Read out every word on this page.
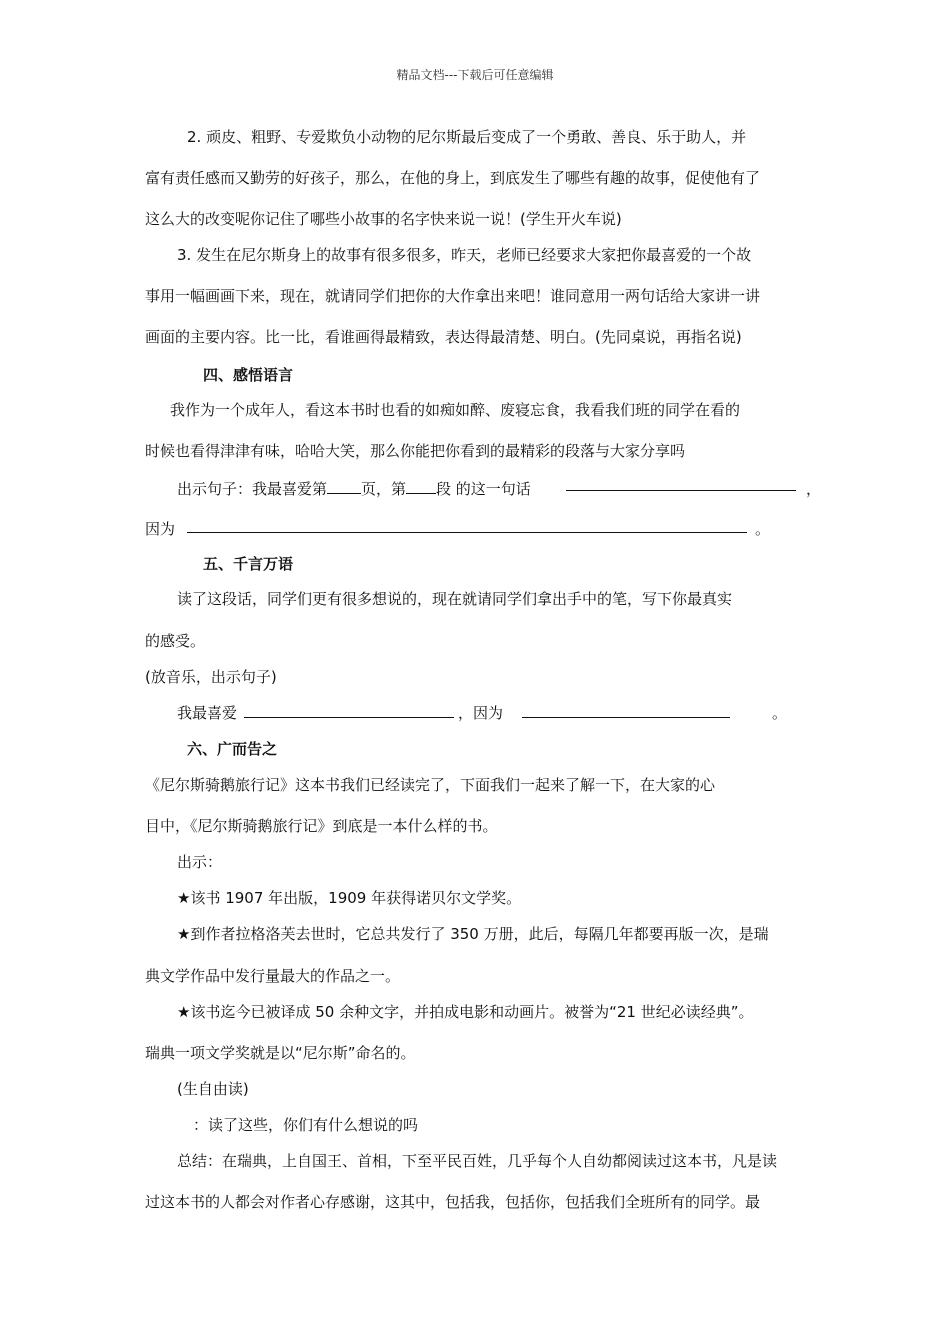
精品文档---下载后可任意编辑
2. 顽皮、粗野、专爱欺负小动物的尼尔斯最后变成了一个勇敢、善良、乐于助人，并
富有责任感而又勤劳的好孩子，那么，在他的身上，到底发生了哪些有趣的故事，促使他有了
这么大的改变呢你记住了哪些小故事的名字快来说一说！(学生开火车说)
3. 发生在尼尔斯身上的故事有很多很多，昨天，老师已经要求大家把你最喜爱的一个故
事用一幅画画下来，现在，就请同学们把你的大作拿出来吧！谁同意用一两句话给大家讲一讲
画面的主要内容。比一比，看谁画得最精致，表达得最清楚、明白。(先同桌说，再指名说)
四、感悟语言
我作为一个成年人，看这本书时也看的如痴如醉、废寝忘食，我看我们班的同学在看的
时候也看得津津有味，哈哈大笑，那么你能把你看到的最精彩的段落与大家分享吗
出示句子：我最喜爱第 页，第 段 的这一句话	，
因为	。
五、千言万语
读了这段话，同学们更有很多想说的，现在就请同学们拿出手中的笔，写下你最真实
的感受。
(放音乐，出示句子)
我最喜爱	，因为	。
六、广而告之
《尼尔斯骑鹅旅行记》这本书我们已经读完了，下面我们一起来了解一下，在大家的心
目中，《尼尔斯骑鹅旅行记》到底是一本什么样的书。
出示：
★该书 1907 年出版，1909 年获得诺贝尔文学奖。
★到作者拉格洛芙去世时，它总共发行了 350 万册，此后，每隔几年都要再版一次，是瑞
典文学作品中发行量最大的作品之一。
★该书迄今已被译成 50 余种文字，并拍成电影和动画片。被誉为“21 世纪必读经典”。
瑞典一项文学奖就是以“尼尔斯”命名的。
(生自由读)
：读了这些，你们有什么想说的吗
总结：在瑞典，上自国王、首相，下至平民百姓，几乎每个人自幼都阅读过这本书，凡是读
过这本书的人都会对作者心存感谢，这其中，包括我，包括你，包括我们全班所有的同学。最
